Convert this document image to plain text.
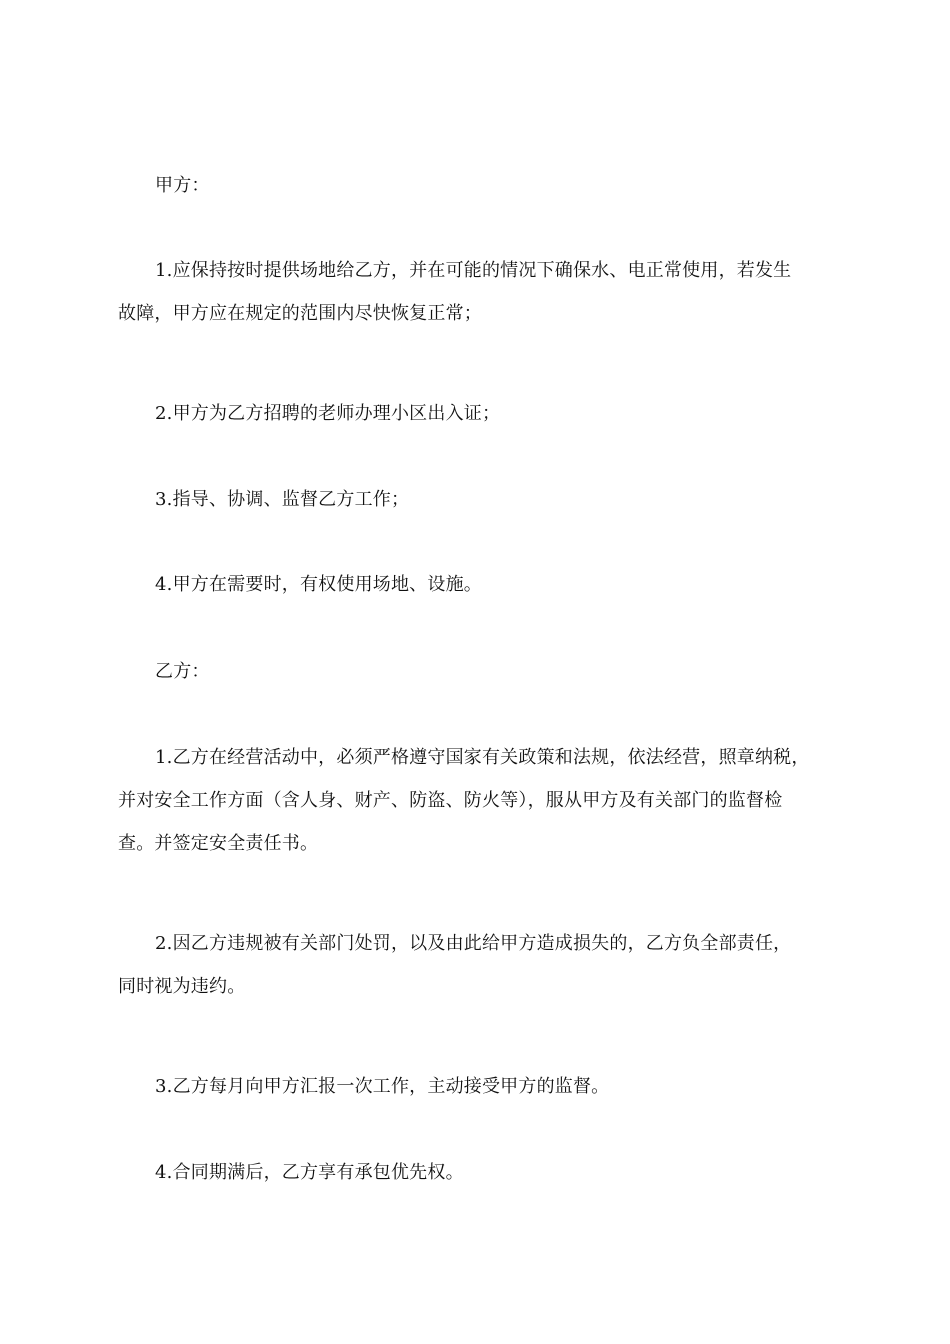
甲方：

1.应保持按时提供场地给乙方，并在可能的情况下确保水、电正常使用，若发生
故障，甲方应在规定的范围内尽快恢复正常；

2.甲方为乙方招聘的老师办理小区出入证；

3.指导、协调、监督乙方工作；

4.甲方在需要时，有权使用场地、设施。

乙方：

1.乙方在经营活动中，必须严格遵守国家有关政策和法规，依法经营，照章纳税，
并对安全工作方面（含人身、财产、防盗、防火等），服从甲方及有关部门的监督检
查。并签定安全责任书。

2.因乙方违规被有关部门处罚，以及由此给甲方造成损失的，乙方负全部责任，
同时视为违约。

3.乙方每月向甲方汇报一次工作，主动接受甲方的监督。

4.合同期满后，乙方享有承包优先权。
